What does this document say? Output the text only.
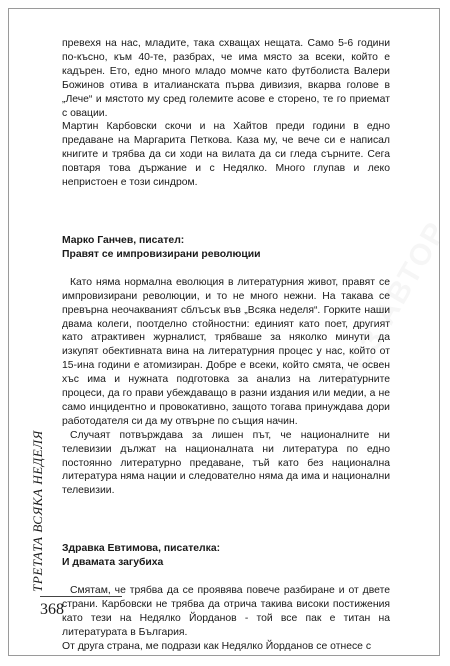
превехя на нас, младите, така схващах нещата. Само 5-6 години по-късно, към 40-те, разбрах, че има място за всеки, който е кадърен. Ето, едно много младо момче като футболиста Валери Божинов отива в италианската първа дивизия, вкарва голове в „Лече“ и мястото му сред големите асове е сторено, те го приемат с овации.

Мартин Карбовски скочи и на Хайтов преди години в едно предаване на Маргарита Петкова. Каза му, че вече си е написал книгите и трябва да си ходи на вилата да си гледа сърните. Сега повтаря това държание и с Недялко. Много глупав и леко непристоен е този синдром.

Марко Ганчев, писател:

Правят се импровизирани революции

Като няма нормална еволюция в литературния живот, правят се импровизирани революции, и то не много нежни. На такава се превърна неочакваният сблъсък във „Всяка неделя“. Горките наши двама колеги, поотделно стойностни: единият като поет, другият като атрактивен журналист, трябваше за няколко минути да изкупят обективната вина на литературния процес у нас, който от 15-ина години е атомизиран. Добре е всеки, който смята, че освен хъс има и нужната подготовка за анализ на литературните процеси, да го прави убеждаващо в разни издания или медии, а не само инцидентно и провокативно, защото тогава принуждава дори работодателя си да му отвърне по същия начин.

Случаят потвърждава за лишен път, че националните ни телевизии дължат на националната ни литература по едно постоянно литературно предаване, тъй като без национална литература няма нации и следователно няма да има и национални телевизии.

Здравка Евтимова, писателка:

И двамата загубиха

Смятам, че трябва да се проявява повече разбиране и от двете страни. Карбовски не трябва да отрича такива високи постижения като тези на Недялко Йорданов - той все пак е титан на литературата в България.

От друга страна, ме подрази как Недялко Йорданов се отнесе с

ТРЕТАТА ВСЯКА НЕДЕЛЯ
368
